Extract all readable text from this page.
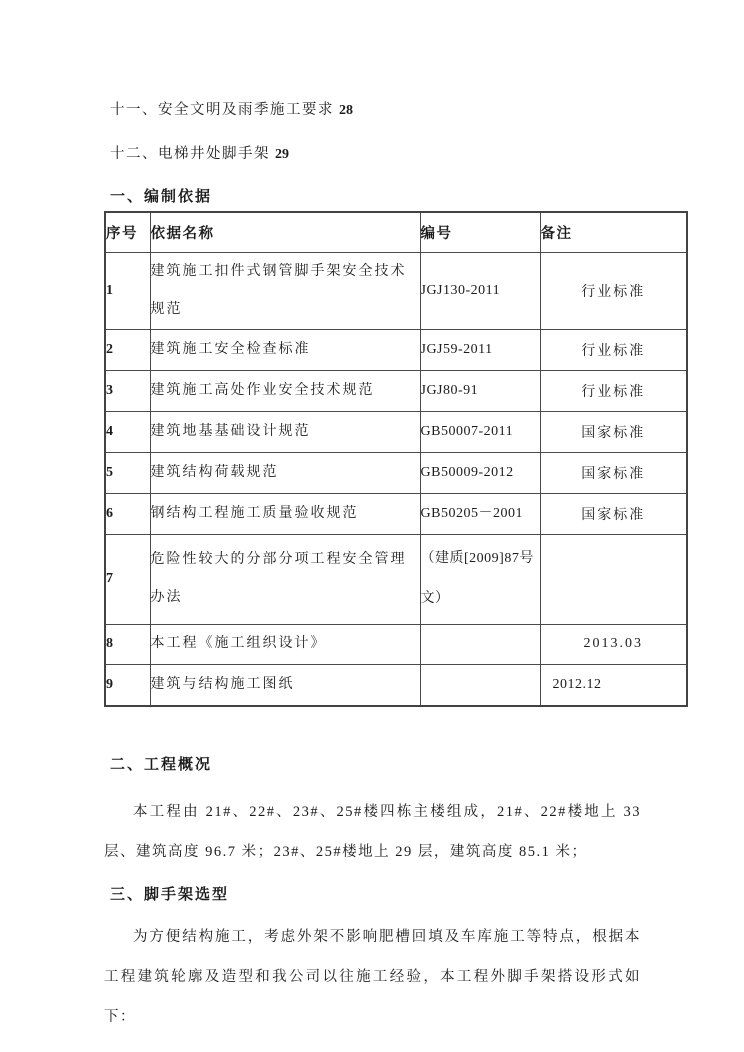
十一、安全文明及雨季施工要求 28
十二、电梯井处脚手架 29
一、编制依据
序号	依据名称	编号	备注
1	建筑施工扣件式钢管脚手架安全技术规范	JGJ130-2011	行业标准
2	建筑施工安全检查标准	JGJ59-2011	行业标准
3	建筑施工高处作业安全技术规范	JGJ80-91	行业标准
4	建筑地基基础设计规范	GB50007-2011	国家标准
5	建筑结构荷载规范	GB50009-2012	国家标准
6	钢结构工程施工质量验收规范	GB50205－2001	国家标准
7	危险性较大的分部分项工程安全管理办法	（建质[2009]87号文）	
8	本工程《施工组织设计》		2013.03
9	建筑与结构施工图纸		2012.12
二、工程概况

本工程由 21#、22#、23#、25#楼四栋主楼组成，21#、22#楼地上 33 层、建筑高度 96.7 米；23#、25#楼地上 29 层，建筑高度 85.1 米；

三、脚手架选型

为方便结构施工，考虑外架不影响肥槽回填及车库施工等特点，根据本工程建筑轮廓及造型和我公司以往施工经验，本工程外脚手架搭设形式如下：
